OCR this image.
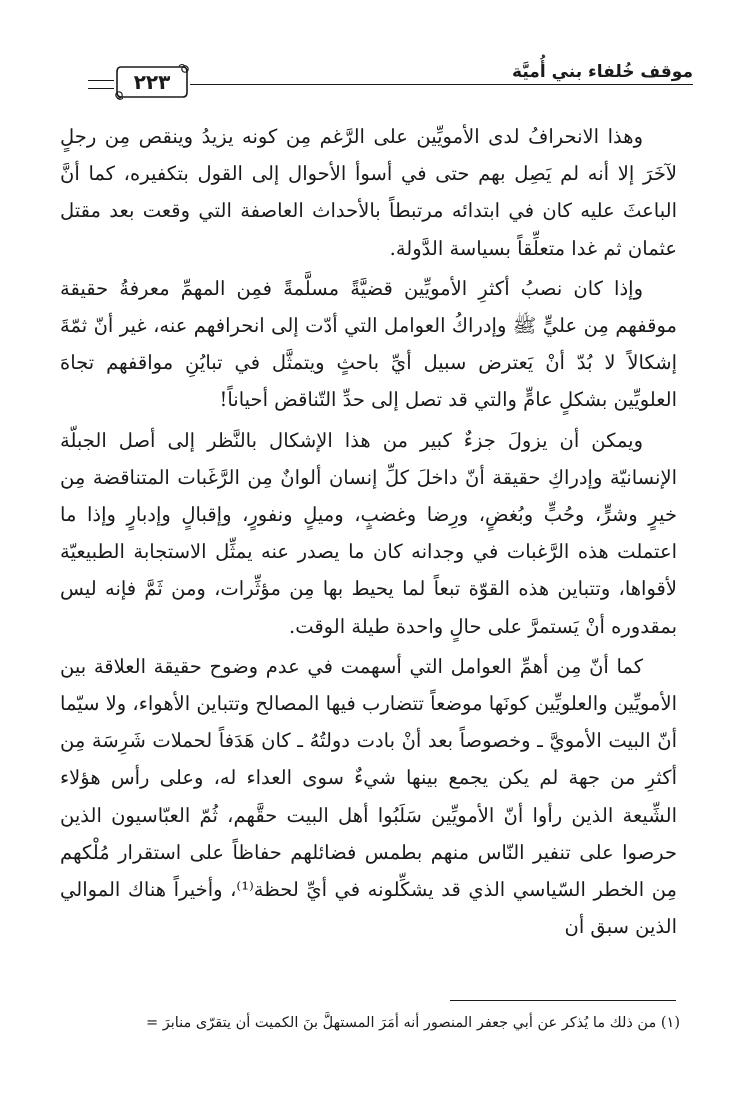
موقف خُلفاء بني أُميَّة
٢٢٣

وهذا الانحرافُ لدى الأمويِّين على الرَّغم مِن كونه يزيدُ وينقص مِن رجلٍ لآخَرَ إلا أنه لم يَصِل بهم حتى في أسوأ الأحوال إلى القول بتكفيره، كما أنَّ الباعثَ عليه كان في ابتدائه مرتبطاً بالأحداث العاصفة التي وقعت بعد مقتل عثمان ثم غدا متعلِّقاً بسياسة الدَّولة.

وإذا كان نصبُ أكثرِ الأمويِّين قضيَّةً مسلَّمةً فمِن المهمِّ معرفةُ حقيقة موقفهم مِن عليٍّ ﷺ وإدراكُ العوامل التي أدّت إلى انحرافهم عنه، غير أنّ ثمّةَ إشكالاً لا بُدّ أنْ يَعترض سبيل أيِّ باحثٍ ويتمثَّل في تبايُنِ مواقفهم تجاهَ العلويِّين بشكلٍ عامٍّ والتي قد تصل إلى حدِّ التّناقض أحياناً!

ويمكن أن يزولَ جزءٌ كبير من هذا الإشكال بالنَّظر إلى أصل الجبلّة الإنسانيّة وإدراكِ حقيقة أنّ داخلَ كلِّ إنسان ألوانٌ مِن الرَّغَبات المتناقضة مِن خيرٍ وشرٍّ، وحُبٍّ وبُغضٍ، ورِضا وغضبٍ، وميلٍ ونفورٍ، وإقبالٍ وإدبارٍ وإذا ما اعتملت هذه الرَّغبات في وجدانه كان ما يصدر عنه يمثِّل الاستجابة الطبيعيّة لأقواها، وتتباين هذه القوّة تبعاً لما يحيط بها مِن مؤثِّرات، ومن ثَمَّ فإنه ليس بمقدوره أنْ يَستمرَّ على حالٍ واحدة طيلة الوقت.

كما أنّ مِن أهمِّ العوامل التي أسهمت في عدم وضوح حقيقة العلاقة بين الأمويِّين والعلويِّين كونَها موضعاً تتضارب فيها المصالح وتتباين الأهواء، ولا سيّما أنّ البيت الأمويَّ ـ وخصوصاً بعد أنْ بادت دولتُهُ ـ كان هَدَفاً لحملات شَرِسَة مِن أكثرِ من جهة لم يكن يجمع بينها شيءٌ سوى العداء له، وعلى رأس هؤلاء الشِّيعة الذين رأوا أنّ الأمويِّين سَلَبُوا أهل البيت حقَّهم، ثُمّ العبّاسيون الذين حرصوا على تنفير النّاس منهم بطمس فضائلهم حفاظاً على استقرار مُلْكهم مِن الخطر السّياسي الذي قد يشكِّلونه في أيِّ لحظة⁽¹⁾، وأخيراً هناك الموالي الذين سبق أن

(١) من ذلك ما يُذكر عن أبي جعفر المنصور أنه أمَرَ المستهلَّ بنَ الكميت أن يتقرّى منابرَ =
